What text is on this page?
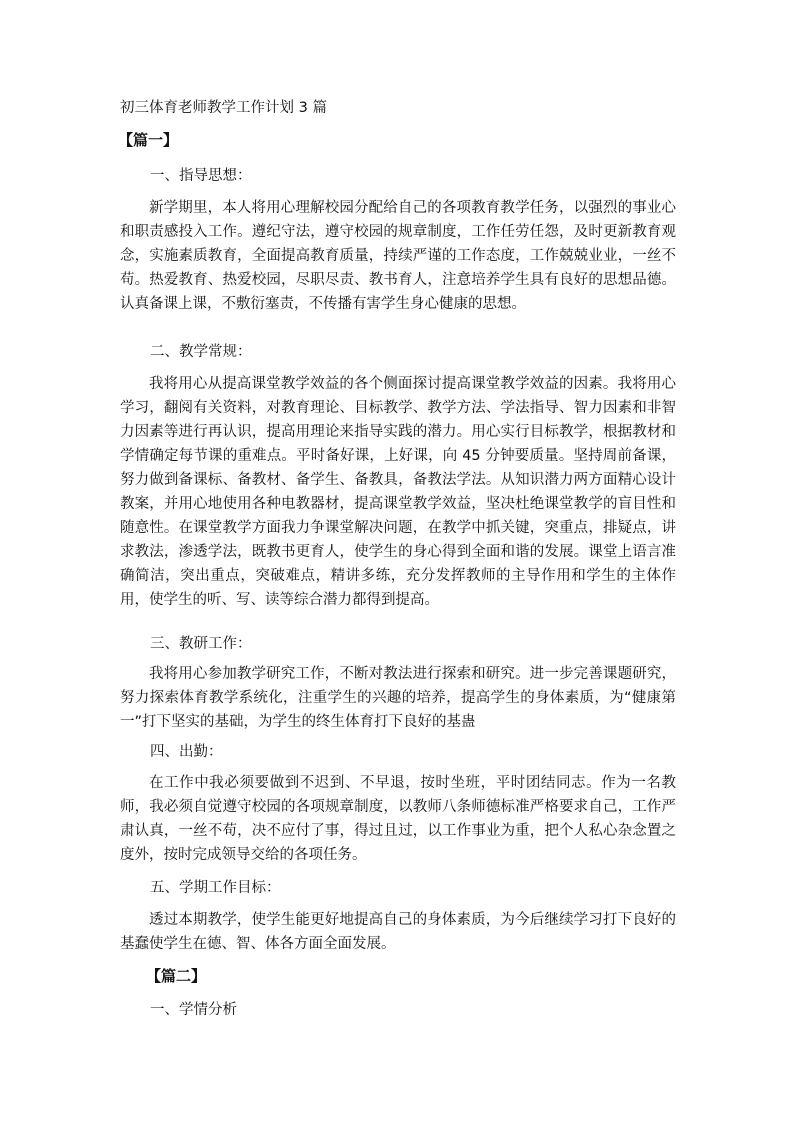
初三体育老师教学工作计划 3 篇
【篇一】
一、指导思想：

新学期里，本人将用心理解校园分配给自己的各项教育教学任务，以强烈的事业心和职责感投入工作。遵纪守法，遵守校园的规章制度，工作任劳任怨，及时更新教育观念，实施素质教育，全面提高教育质量，持续严谨的工作态度，工作兢兢业业，一丝不苟。热爱教育、热爱校园，尽职尽责、教书育人，注意培养学生具有良好的思想品德。认真备课上课，不敷衍塞责，不传播有害学生身心健康的思想。

二、教学常规：

我将用心从提高课堂教学效益的各个侧面探讨提高课堂教学效益的因素。我将用心学习，翻阅有关资料，对教育理论、目标教学、教学方法、学法指导、智力因素和非智力因素等进行再认识，提高用理论来指导实践的潜力。用心实行目标教学，根据教材和学情确定每节课的重难点。平时备好课，上好课，向 45 分钟要质量。坚持周前备课，努力做到备课标、备教材、备学生、备教具，备教法学法。从知识潜力两方面精心设计教案，并用心地使用各种电教器材，提高课堂教学效益，坚决杜绝课堂教学的盲目性和随意性。在课堂教学方面我力争课堂解决问题，在教学中抓关键，突重点，排疑点，讲求教法，渗透学法，既教书更育人，使学生的身心得到全面和谐的发展。课堂上语言准确简洁，突出重点，突破难点，精讲多练，充分发挥教师的主导作用和学生的主体作用，使学生的听、写、读等综合潜力都得到提高。

三、教研工作：

我将用心参加教学研究工作，不断对教法进行探索和研究。进一步完善课题研究，努力探索体育教学系统化，注重学生的兴趣的培养，提高学生的身体素质，为“健康第一”打下坚实的基础，为学生的终生体育打下良好的基蛊

四、出勤：

在工作中我必须要做到不迟到、不早退，按时坐班，平时团结同志。作为一名教师，我必须自觉遵守校园的各项规章制度，以教师八条师德标准严格要求自己，工作严肃认真，一丝不苟，决不应付了事，得过且过，以工作事业为重，把个人私心杂念置之度外，按时完成领导交给的各项任务。

五、学期工作目标：

透过本期教学，使学生能更好地提高自己的身体素质，为今后继续学习打下良好的基蠢使学生在德、智、体各方面全面发展。

【篇二】
一、学情分析
